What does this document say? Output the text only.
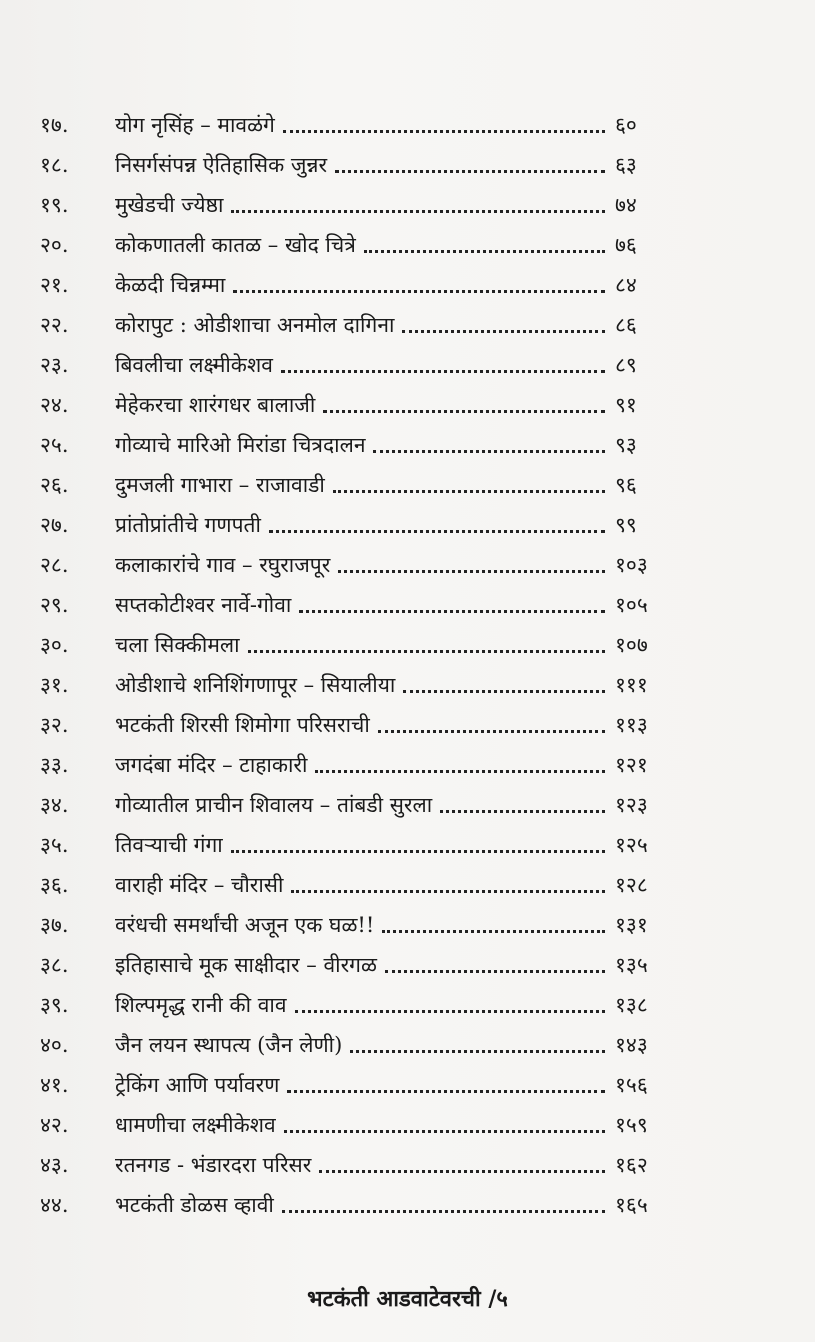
१७.	योग नृसिंह – मावळंगे	६०
१८.	निसर्गसंपन्न ऐतिहासिक जुन्नर	६३
१९.	मुखेडची ज्येष्ठा	७४
२०.	कोकणातली कातळ – खोद चित्रे	७६
२१.	केळदी चिन्नम्मा	८४
२२.	कोरापुट : ओडीशाचा अनमोल दागिना	८६
२३.	बिवलीचा लक्ष्मीकेशव	८९
२४.	मेहेकरचा शारंगधर बालाजी	९१
२५.	गोव्याचे मारिओ मिरांडा चित्रदालन	९३
२६.	दुमजली गाभारा – राजावाडी	९६
२७.	प्रांतोप्रांतीचे गणपती	९९
२८.	कलाकारांचे गाव – रघुराजपूर	१०३
२९.	सप्तकोटीश्वर नार्वे-गोवा	१०५
३०.	चला सिक्कीमला	१०७
३१.	ओडीशाचे शनिशिंगणापूर – सियालीया	१११
३२.	भटकंती शिरसी शिमोगा परिसराची	११३
३३.	जगदंबा मंदिर – टाहाकारी	१२१
३४.	गोव्यातील प्राचीन शिवालय – तांबडी सुरला	१२३
३५.	तिवऱ्याची गंगा	१२५
३६.	वाराही मंदिर – चौरासी	१२८
३७.	वरंधची समर्थांची अजून एक घळ!!	१३१
३८.	इतिहासाचे मूक साक्षीदार – वीरगळ	१३५
३९.	शिल्पमृद्ध रानी की वाव	१३८
४०.	जैन लयन स्थापत्य (जैन लेणी)	१४३
४१.	ट्रेकिंग आणि पर्यावरण	१५६
४२.	धामणीचा लक्ष्मीकेशव	१५९
४३.	रतनगड - भंडारदरा परिसर	१६२
४४.	भटकंती डोळस व्हावी	१६५
भटकंती आडवाटेवरची /५
